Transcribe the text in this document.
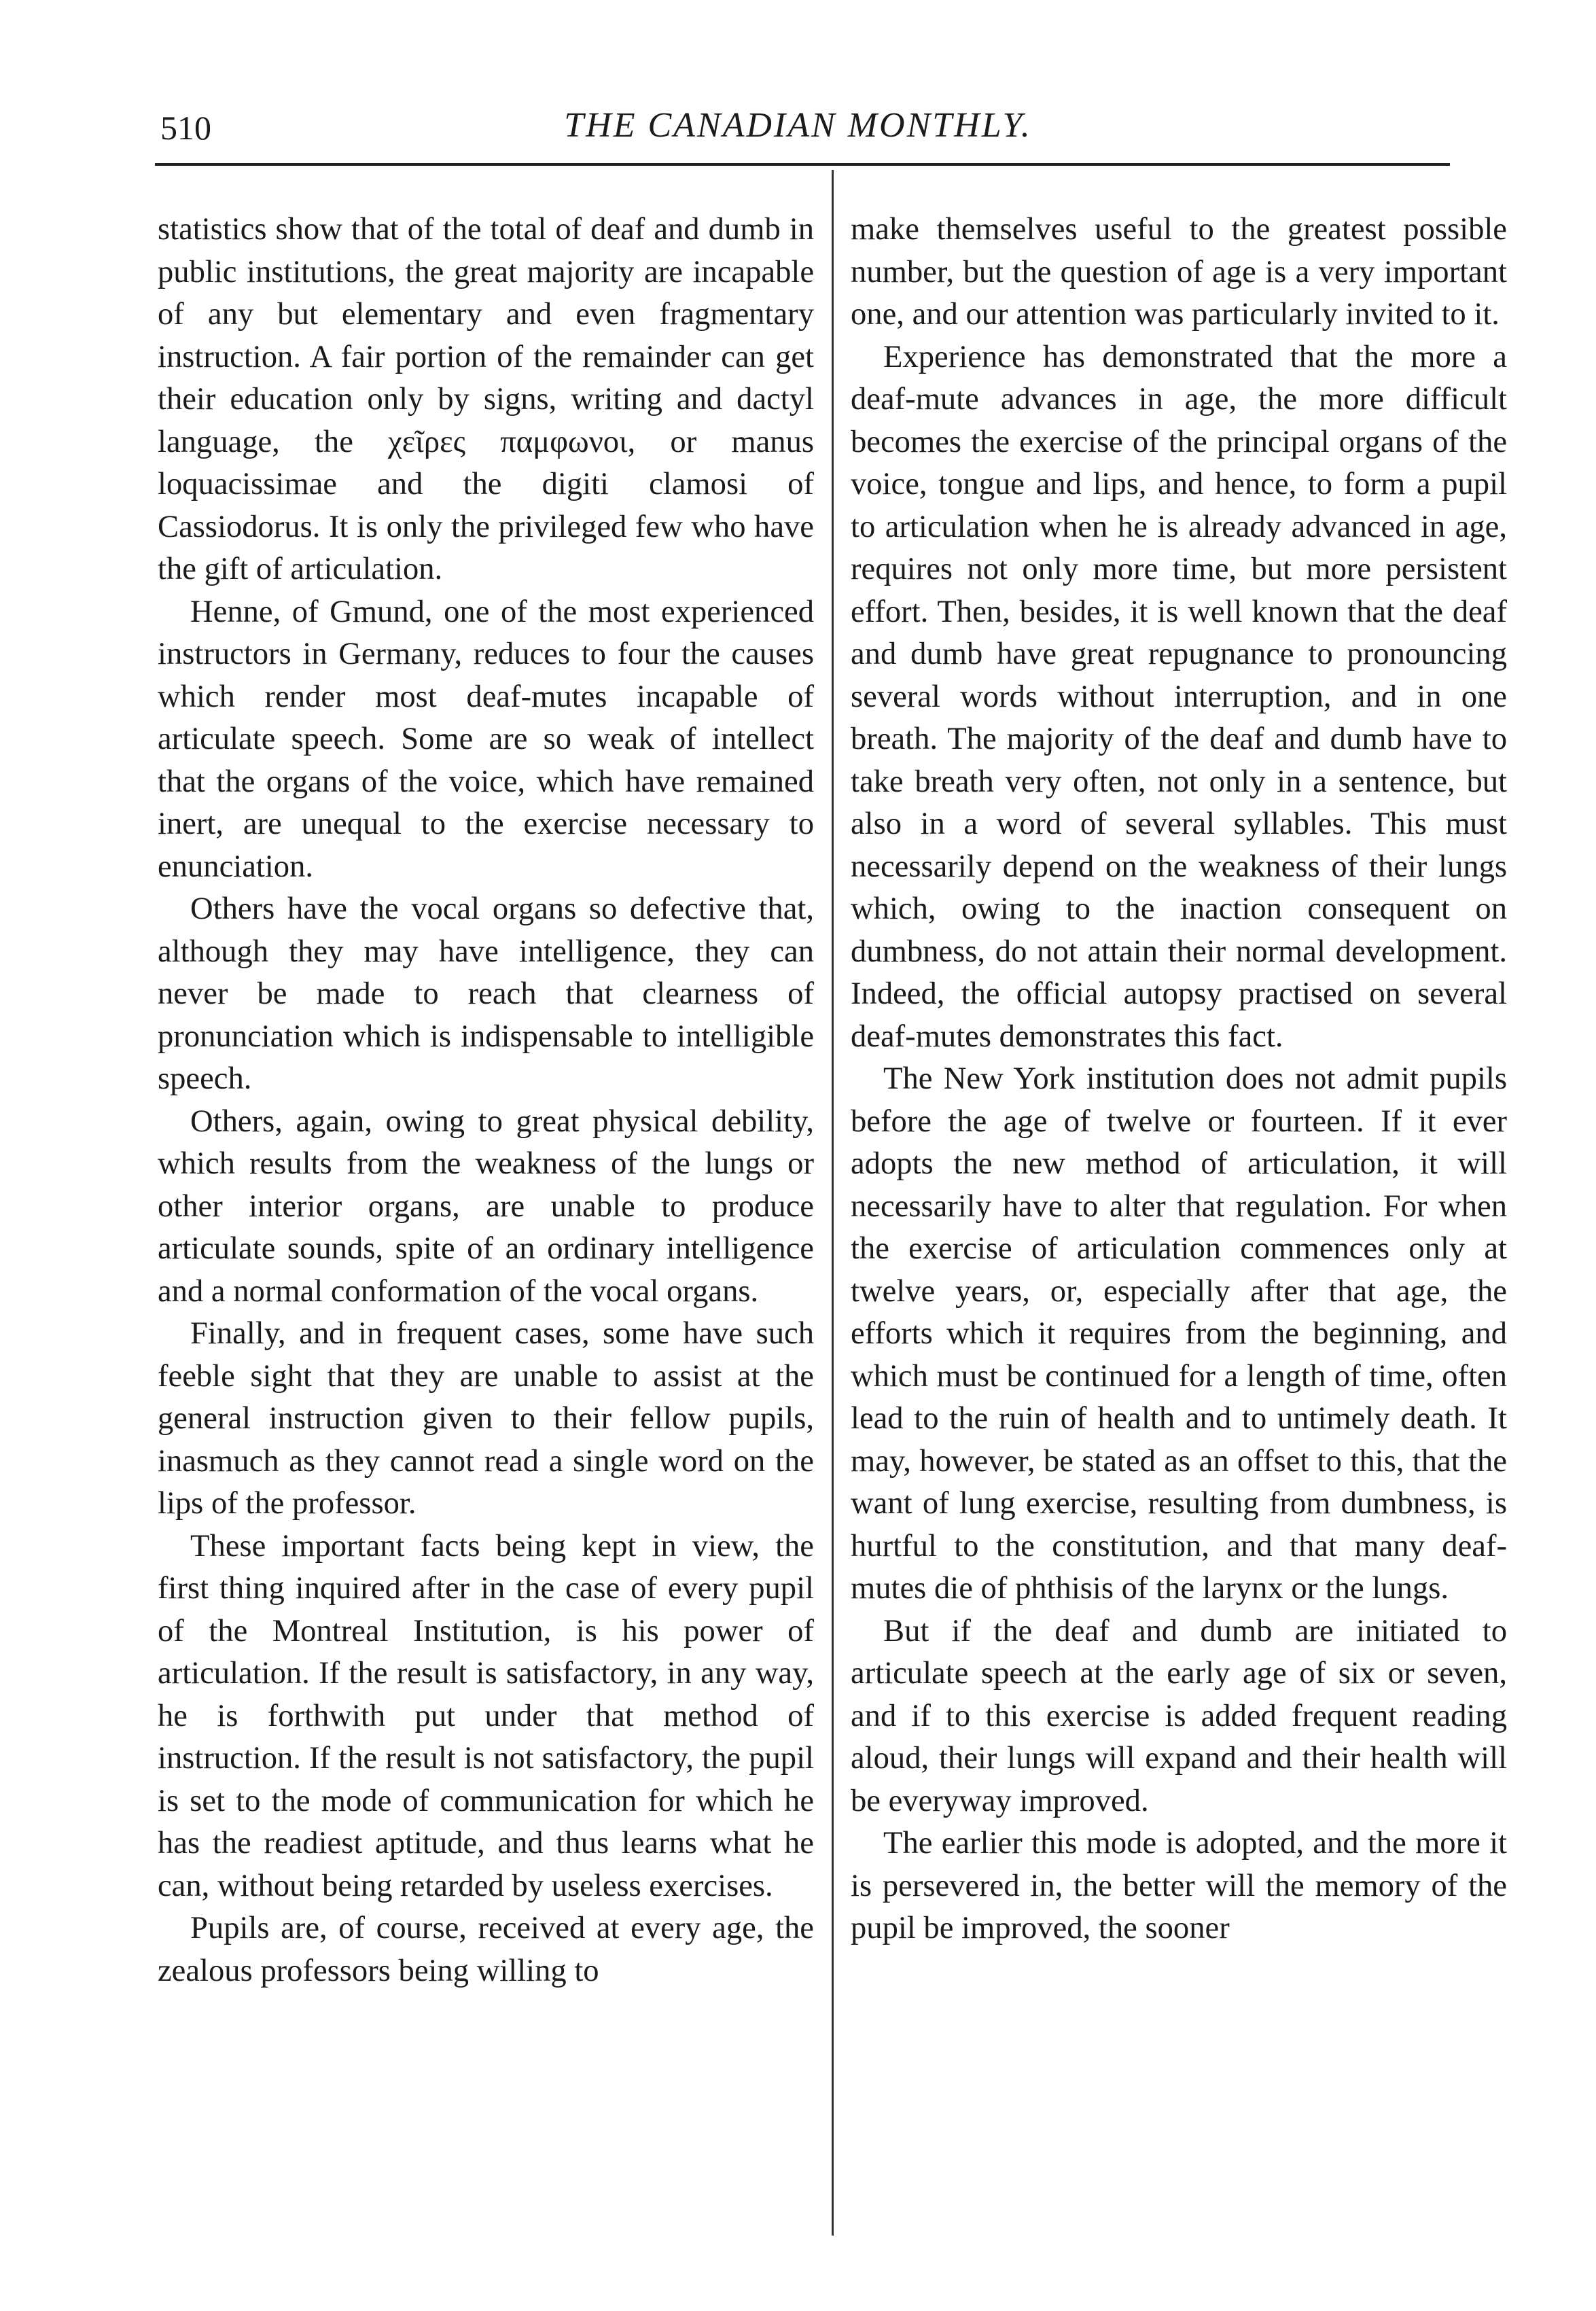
510	THE CANADIAN MONTHLY.

statistics show that of the total of deaf and dumb in public institutions, the great majority are incapable of any but elementary and even fragmentary instruction. A fair portion of the remainder can get their education only by signs, writing and dactyl language, the χεῖρες παμφωνοι, or manus loquacissimae and the digiti clamosi of Cassiodorus. It is only the privileged few who have the gift of articulation.

Henne, of Gmund, one of the most experienced instructors in Germany, reduces to four the causes which render most deaf-mutes incapable of articulate speech. Some are so weak of intellect that the organs of the voice, which have remained inert, are unequal to the exercise necessary to enunciation.

Others have the vocal organs so defective that, although they may have intelligence, they can never be made to reach that clearness of pronunciation which is indispensable to intelligible speech.

Others, again, owing to great physical debility, which results from the weakness of the lungs or other interior organs, are unable to produce articulate sounds, spite of an ordinary intelligence and a normal conformation of the vocal organs.

Finally, and in frequent cases, some have such feeble sight that they are unable to assist at the general instruction given to their fellow pupils, inasmuch as they cannot read a single word on the lips of the professor.

These important facts being kept in view, the first thing inquired after in the case of every pupil of the Montreal Institution, is his power of articulation. If the result is satisfactory, in any way, he is forthwith put under that method of instruction. If the result is not satisfactory, the pupil is set to the mode of communication for which he has the readiest aptitude, and thus learns what he can, without being retarded by useless exercises.

Pupils are, of course, received at every age, the zealous professors being willing to

make themselves useful to the greatest possible number, but the question of age is a very important one, and our attention was particularly invited to it.

Experience has demonstrated that the more a deaf-mute advances in age, the more difficult becomes the exercise of the principal organs of the voice, tongue and lips, and hence, to form a pupil to articulation when he is already advanced in age, requires not only more time, but more persistent effort. Then, besides, it is well known that the deaf and dumb have great repugnance to pronouncing several words without interruption, and in one breath. The majority of the deaf and dumb have to take breath very often, not only in a sentence, but also in a word of several syllables. This must necessarily depend on the weakness of their lungs which, owing to the inaction consequent on dumbness, do not attain their normal development. Indeed, the official autopsy practised on several deaf-mutes demonstrates this fact.

The New York institution does not admit pupils before the age of twelve or fourteen. If it ever adopts the new method of articulation, it will necessarily have to alter that regulation. For when the exercise of articulation commences only at twelve years, or, especially after that age, the efforts which it requires from the beginning, and which must be continued for a length of time, often lead to the ruin of health and to untimely death. It may, however, be stated as an offset to this, that the want of lung exercise, resulting from dumbness, is hurtful to the constitution, and that many deaf-mutes die of phthisis of the larynx or the lungs.

But if the deaf and dumb are initiated to articulate speech at the early age of six or seven, and if to this exercise is added frequent reading aloud, their lungs will expand and their health will be everyway improved.

The earlier this mode is adopted, and the more it is persevered in, the better will the memory of the pupil be improved, the sooner
